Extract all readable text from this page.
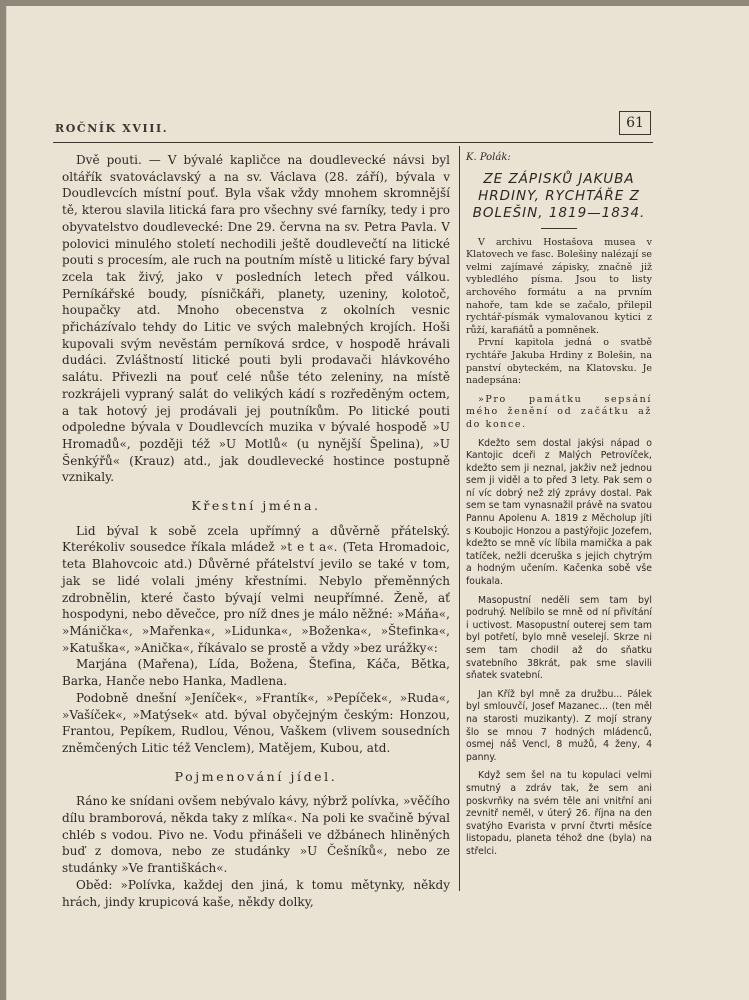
ROČNÍK XVIII.	61

Dvě pouti. — V bývalé kapličce na doudlevecké návsi byl oltářík svatováclavský a na sv. Václava (28. září), bývala v Doudlevcích místní pouť. Byla však vždy mnohem skromnější tě, kterou slavila litická fara pro všechny své farníky, tedy i pro obyvatelstvo doudlevecké: Dne 29. června na sv. Petra Pavla. V polovici minulého století nechodili ještě doudlevečtí na litické pouti s procesím, ale ruch na poutním místě u litické fary býval zcela tak živý, jako v posledních letech před válkou. Perníkářské boudy, písničkáři, planety, uzeniny, kolotoč, houpačky atd. Mnoho obecenstva z okolních vesnic přicházívalo tehdy do Litic ve svých malebných krojích. Hoši kupovali svým nevěstám perníková srdce, v hospodě hrávali dudáci. Zvláštností litické pouti byli prodavači hlávkového salátu. Přivezli na pouť celé nůše této zeleniny, na místě rozkrájeli vypraný salát do velikých kádí s rozředěným octem, a tak hotový jej prodávali jej poutníkům. Po litické pouti odpoledne bývala v Doudlevcích muzika v bývalé hospodě »U Hromadů«, později též »U Motlů« (u nynější Špelina), »U Šenkýřů« (Krauz) atd., jak doudlevecké hostince postupně vznikaly.

Křestní jména.

Lid býval k sobě zcela upřímný a důvěrně přátelský. Kterékoliv sousedce říkala mládež »t e t a«. (Teta Hromadoic, teta Blahovcoic atd.) Důvěrné přátelství jevilo se také v tom, jak se lidé volali jmény křestními. Nebylo přeměnných zdrobnělin, které často bývají velmi neupřímné. Ženě, ať hospodyni, nebo děvečce, pro níž dnes je málo něžné: »Máňa«, »Mánička«, »Mařenka«, »Lidunka«, »Boženka«, »Štefinka«, »Katuška«, »Anička«, říkávalo se prostě a vždy »bez urážky«:

Marjána (Mařena), Lída, Božena, Štefina, Káča, Bětka, Barka, Hanče nebo Hanka, Madlena.

Podobně dnešní »Jeníček«, »Frantík«, »Pepíček«, »Ruda«, »Vašíček«, »Matýsek« atd. býval obyčejným českým: Honzou, Frantou, Pepíkem, Rudlou, Vénou, Vaškem (vlivem sousedních zněmčených Litic též Venclem), Matějem, Kubou, atd.

Pojmenování jídel.

Ráno ke snídani ovšem nebývalo kávy, nýbrž polívka, »věčího dílu bramborová, někda taky z mlíka«. Na poli ke svačině býval chléb s vodou. Pivo ne. Vodu přinášeli ve džbánech hliněných buď z domova, nebo ze studánky »U Češníků«, nebo ze studánky »Ve františkách«.

Oběd: »Polívka, každej den jiná, k tomu mětynky, někdy hrách, jindy krupicová kaše, někdy dolky,

K. Polák:
ZE ZÁPISKŮ JAKUBA HRDINY, RYCHTÁŘE Z BOLEŠIN, 1819—1834.

V archivu Hostašova musea v Klatovech ve fasc. Bolešiny nalézají se velmi zajímavé zápisky, značně již vybledlého písma. Jsou to listy archového formátu a na prvním nahoře, tam kde se začalo, přilepil rychtář-písmák vymalovanou kytici z růží, karafiátů a pomněnek.

První kapitola jedná o svatbě rychtáře Jakuba Hrdiny z Bolešin, na panství obyteckém, na Klatovsku. Je nadepsána:

»Pro památku sepsání mého ženění od začátku až do konce.

Kdežto sem dostal jakýsi nápad o Kantojic dceři z Malých Petrovíček, kdežto sem ji neznal, jakživ než jednou sem ji viděl a to před 3 lety. Pak sem o ní víc dobrý než zlý zprávy dostal. Pak sem se tam vynasnažil právě na svatou Pannu Apolenu A. 1819 z Měcholup jíti s Koubojic Honzou a pastýřojic Jozefem, kdežto se mně víc líbila mamička a pak tatíček, nežli dceruška s jejich chytrým a hodným učením. Kačenka sobě vše foukala.

Masopustní neděli sem tam byl podruhý. Nelíbilo se mně od ní přivítání i uctivost. Masopustní outerej sem tam byl potřetí, bylo mně veselejí. Skrze ni sem tam chodil až do sňatku svatebního 38krát, pak sme slavili sňatek svatební.

Jan Kříž byl mně za družbu... Pálek byl smlouvčí, Josef Mazanec... (ten měl na starosti muzikanty). Z mojí strany šlo se mnou 7 hodných mládenců, osmej náš Vencl, 8 mužů, 4 ženy, 4 panny.

Když sem šel na tu kopulaci velmi smutný a zdráv tak, že sem ani poskvrňky na svém těle ani vnitřní ani zevnitř neměl, v úterý 26. října na den svatýho Evarista v první čtvrti měsíce listopadu, planeta téhož dne (byla) na střelci.
